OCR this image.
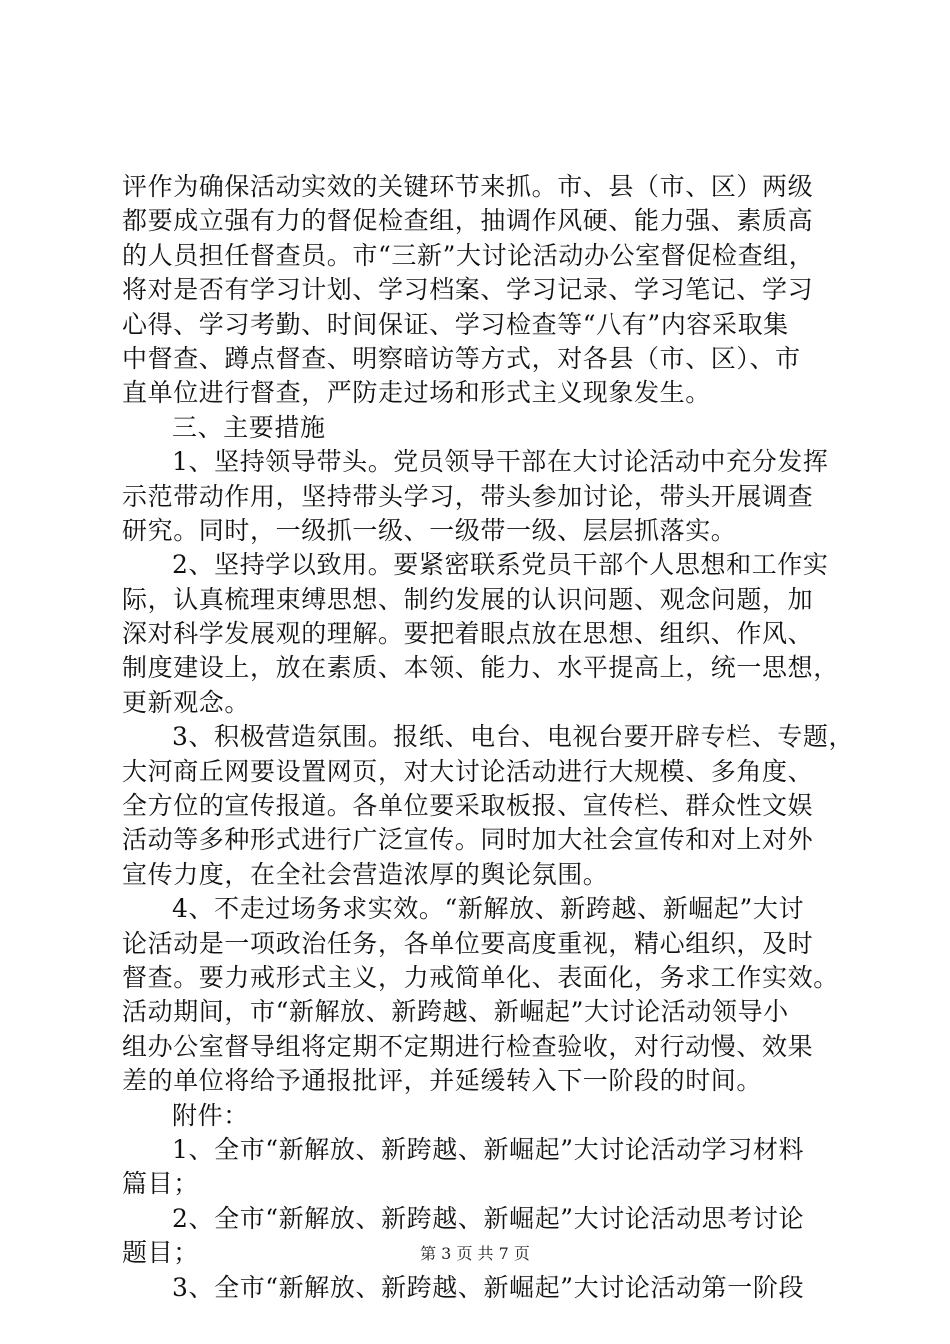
评作为确保活动实效的关键环节来抓。市、县（市、区）两级
都要成立强有力的督促检查组，抽调作风硬、能力强、素质高
的人员担任督查员。市“三新”大讨论活动办公室督促检查组，
将对是否有学习计划、学习档案、学习记录、学习笔记、学习
心得、学习考勤、时间保证、学习检查等“八有”内容采取集
中督查、蹲点督查、明察暗访等方式，对各县（市、区）、市
直单位进行督查，严防走过场和形式主义现象发生。
三、主要措施
1、坚持领导带头。党员领导干部在大讨论活动中充分发挥
示范带动作用，坚持带头学习，带头参加讨论，带头开展调查
研究。同时，一级抓一级、一级带一级、层层抓落实。
2、坚持学以致用。要紧密联系党员干部个人思想和工作实
际，认真梳理束缚思想、制约发展的认识问题、观念问题，加
深对科学发展观的理解。要把着眼点放在思想、组织、作风、
制度建设上，放在素质、本领、能力、水平提高上，统一思想，
更新观念。
3、积极营造氛围。报纸、电台、电视台要开辟专栏、专题，
大河商丘网要设置网页，对大讨论活动进行大规模、多角度、
全方位的宣传报道。各单位要采取板报、宣传栏、群众性文娱
活动等多种形式进行广泛宣传。同时加大社会宣传和对上对外
宣传力度，在全社会营造浓厚的舆论氛围。
4、不走过场务求实效。“新解放、新跨越、新崛起”大讨
论活动是一项政治任务，各单位要高度重视，精心组织，及时
督查。要力戒形式主义，力戒简单化、表面化，务求工作实效。
活动期间，市“新解放、新跨越、新崛起”大讨论活动领导小
组办公室督导组将定期不定期进行检查验收，对行动慢、效果
差的单位将给予通报批评，并延缓转入下一阶段的时间。
附件：
1、全市“新解放、新跨越、新崛起”大讨论活动学习材料
篇目；
2、全市“新解放、新跨越、新崛起”大讨论活动思考讨论
题目；
3、全市“新解放、新跨越、新崛起”大讨论活动第一阶段
第 3 页 共 7 页
